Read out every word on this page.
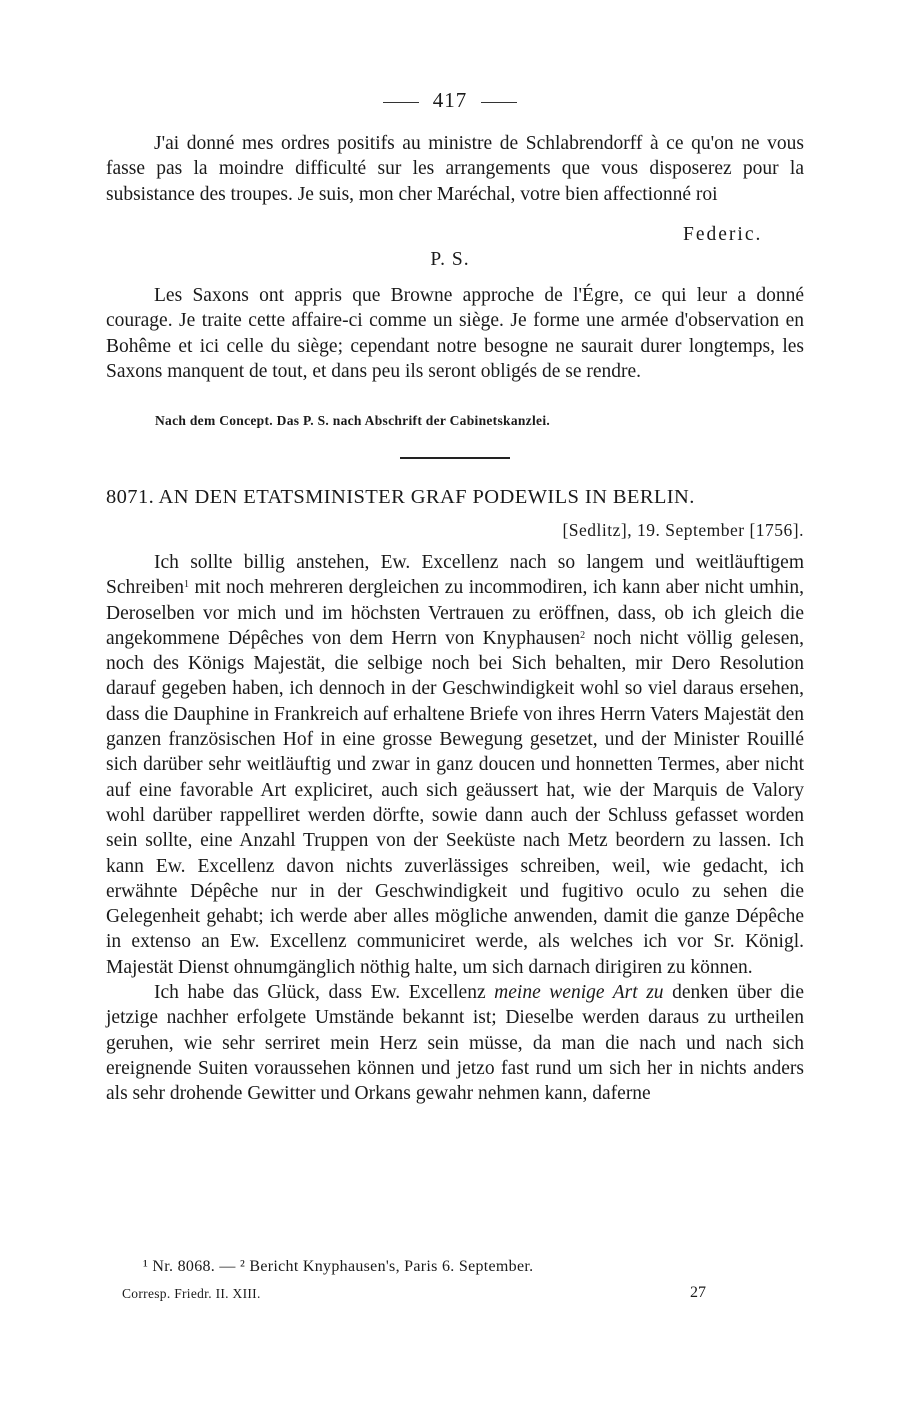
417

J'ai donné mes ordres positifs au ministre de Schlabrendorff à ce qu'on ne vous fasse pas la moindre difficulté sur les arrangements que vous disposerez pour la subsistance des troupes. Je suis, mon cher Maréchal, votre bien affectionné roi

Federic.
P. S.

Les Saxons ont appris que Browne approche de l'Égre, ce qui leur a donné courage. Je traite cette affaire-ci comme un siège. Je forme une armée d'observation en Bohême et ici celle du siège; cependant notre besogne ne saurait durer longtemps, les Saxons manquent de tout, et dans peu ils seront obligés de se rendre.

Nach dem Concept. Das P. S. nach Abschrift der Cabinetskanzlei.
8071. AN DEN ETATSMINISTER GRAF PODEWILS IN BERLIN.
[Sedlitz], 19. September [1756].

Ich sollte billig anstehen, Ew. Excellenz nach so langem und weitläuftigem Schreiben$^1$ mit noch mehreren dergleichen zu incommodiren, ich kann aber nicht umhin, Deroselben vor mich und im höchsten Vertrauen zu eröffnen, dass, ob ich gleich die angekommene Dépêches von dem Herrn von Knyphausen$^2$ noch nicht völlig gelesen, noch des Königs Majestät, die selbige noch bei Sich behalten, mir Dero Resolution darauf gegeben haben, ich dennoch in der Geschwindigkeit wohl so viel daraus ersehen, dass die Dauphine in Frankreich auf erhaltene Briefe von ihres Herrn Vaters Majestät den ganzen französischen Hof in eine grosse Bewegung gesetzet, und der Minister Rouillé sich darüber sehr weitläuftig und zwar in ganz doucen und honnetten Termes, aber nicht auf eine favorable Art expliciret, auch sich geäussert hat, wie der Marquis de Valory wohl darüber rappelliret werden dörfte, sowie dann auch der Schluss gefasset worden sein sollte, eine Anzahl Truppen von der Seeküste nach Metz beordern zu lassen. Ich kann Ew. Excellenz davon nichts zuverlässiges schreiben, weil, wie gedacht, ich erwähnte Dépêche nur in der Geschwindigkeit und fugitivo oculo zu sehen die Gelegenheit gehabt; ich werde aber alles mögliche anwenden, damit die ganze Dépêche in extenso an Ew. Excellenz communiciret werde, als welches ich vor Sr. Königl. Majestät Dienst ohnumgänglich nöthig halte, um sich darnach dirigiren zu können.

Ich habe das Glück, dass Ew. Excellenz meine wenige Art zu denken über die jetzige nachher erfolgete Umstände bekannt ist; Dieselbe werden daraus zu urtheilen geruhen, wie sehr serriret mein Herz sein müsse, da man die nach und nach sich ereignende Suiten voraussehen können und jetzo fast rund um sich her in nichts anders als sehr drohende Gewitter und Orkans gewahr nehmen kann, daferne

¹ Nr. 8068. — ² Bericht Knyphausen's, Paris 6. September.
Corresp. Friedr. II. XIII.	27
